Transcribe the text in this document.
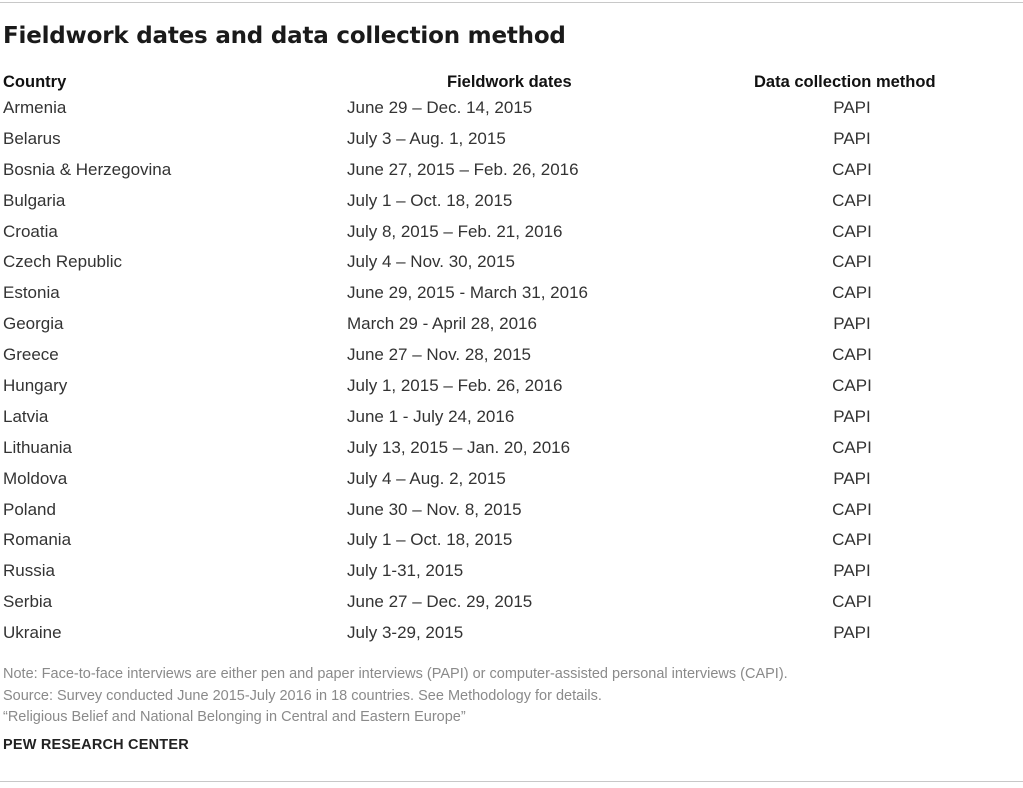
Fieldwork dates and data collection method
Country	Fieldwork dates	Data collection method
Armenia	June 29 – Dec. 14, 2015	PAPI
Belarus	July 3 – Aug. 1, 2015	PAPI
Bosnia & Herzegovina	June 27, 2015 – Feb. 26, 2016	CAPI
Bulgaria	July 1 – Oct. 18, 2015	CAPI
Croatia	July 8, 2015 – Feb. 21, 2016	CAPI
Czech Republic	July 4 – Nov. 30, 2015	CAPI
Estonia	June 29, 2015 - March 31, 2016	CAPI
Georgia	March 29 - April 28, 2016	PAPI
Greece	June 27 – Nov. 28, 2015	CAPI
Hungary	July 1, 2015 – Feb. 26, 2016	CAPI
Latvia	June 1 - July 24, 2016	PAPI
Lithuania	July 13, 2015 – Jan. 20, 2016	CAPI
Moldova	July 4 – Aug. 2, 2015	PAPI
Poland	June 30 – Nov. 8, 2015	CAPI
Romania	July 1 – Oct. 18, 2015	CAPI
Russia	July 1-31, 2015	PAPI
Serbia	June 27 – Dec. 29, 2015	CAPI
Ukraine	July 3-29, 2015	PAPI
Note: Face-to-face interviews are either pen and paper interviews (PAPI) or computer-assisted personal interviews (CAPI).
Source: Survey conducted June 2015-July 2016 in 18 countries. See Methodology for details.
“Religious Belief and National Belonging in Central and Eastern Europe”
PEW RESEARCH CENTER
